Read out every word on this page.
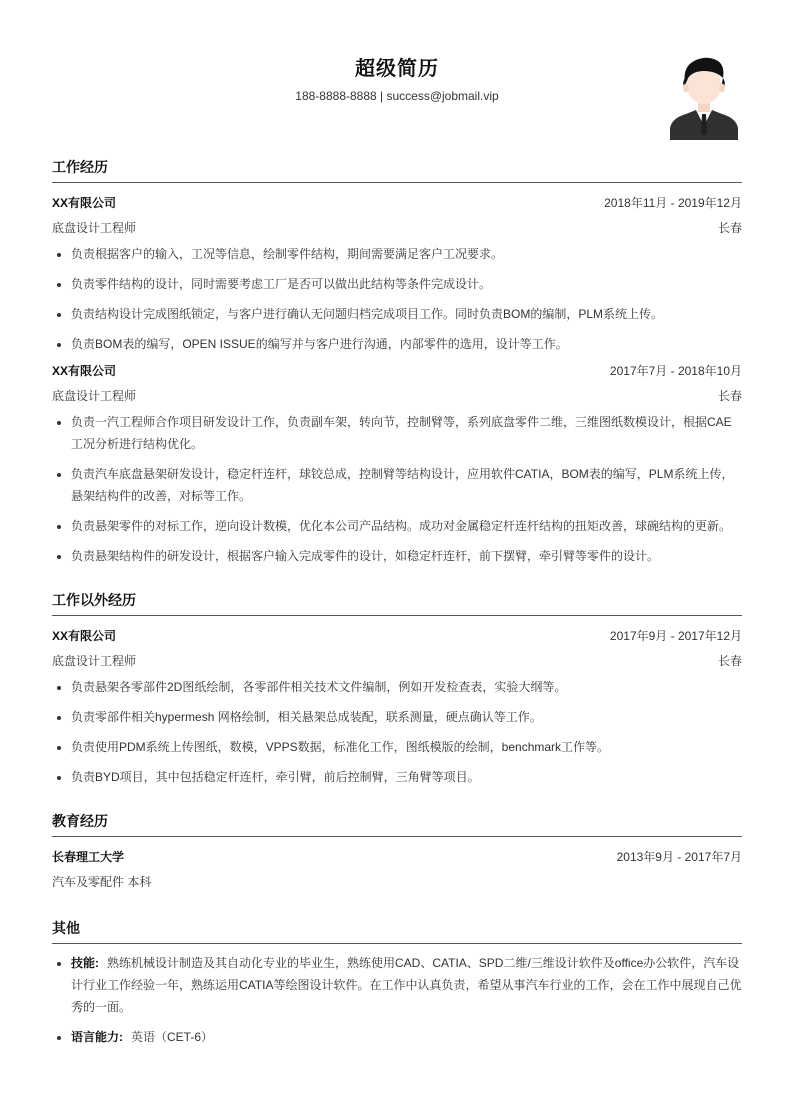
超级简历
188-8888-8888 | success@jobmail.vip
工作经历
XX有限公司	2018年11月 - 2019年12月
底盘设计工程师	长春
• 负责根据客户的输入，工况等信息，绘制零件结构，期间需要满足客户工况要求。
• 负责零件结构的设计，同时需要考虑工厂是否可以做出此结构等条件完成设计。
• 负责结构设计完成图纸锁定，与客户进行确认无问题归档完成项目工作。同时负责BOM的编制，PLM系统上传。
• 负责BOM表的编写，OPEN ISSUE的编写并与客户进行沟通，内部零件的选用，设计等工作。
XX有限公司	2017年7月 - 2018年10月
底盘设计工程师	长春
• 负责一汽工程师合作项目研发设计工作，负责副车架，转向节，控制臂等，系列底盘零件二维，三维图纸数模设计，根据CAE工况分析进行结构优化。
• 负责汽车底盘悬架研发设计，稳定杆连杆，球铰总成，控制臂等结构设计，应用软件CATIA，BOM表的编写，PLM系统上传，悬架结构件的改善，对标等工作。
• 负责悬架零件的对标工作，逆向设计数模，优化本公司产品结构。成功对金属稳定杆连杆结构的扭矩改善，球碗结构的更新。
• 负责悬架结构件的研发设计，根据客户输入完成零件的设计，如稳定杆连杆，前下摆臂，牵引臂等零件的设计。
工作以外经历
XX有限公司	2017年9月 - 2017年12月
底盘设计工程师	长春
• 负责悬架各零部件2D图纸绘制，各零部件相关技术文件编制，例如开发检查表，实验大纲等。
• 负责零部件相关hypermesh 网格绘制，相关悬架总成装配，联系测量，硬点确认等工作。
• 负责使用PDM系统上传图纸，数模，VPPS数据，标准化工作，图纸模版的绘制，benchmark工作等。
• 负责BYD项目，其中包括稳定杆连杆，牵引臂，前后控制臂，三角臂等项目。
教育经历
长春理工大学	2013年9月 - 2017年7月
汽车及零配件 本科
其他
• 技能: 熟练机械设计制造及其自动化专业的毕业生，熟练使用CAD、CATIA、SPD二维/三维设计软件及office办公软件，汽车设计行业工作经验一年，熟练运用CATIA等绘图设计软件。在工作中认真负责，希望从事汽车行业的工作，会在工作中展现自己优秀的一面。
• 语言能力: 英语（CET-6）
